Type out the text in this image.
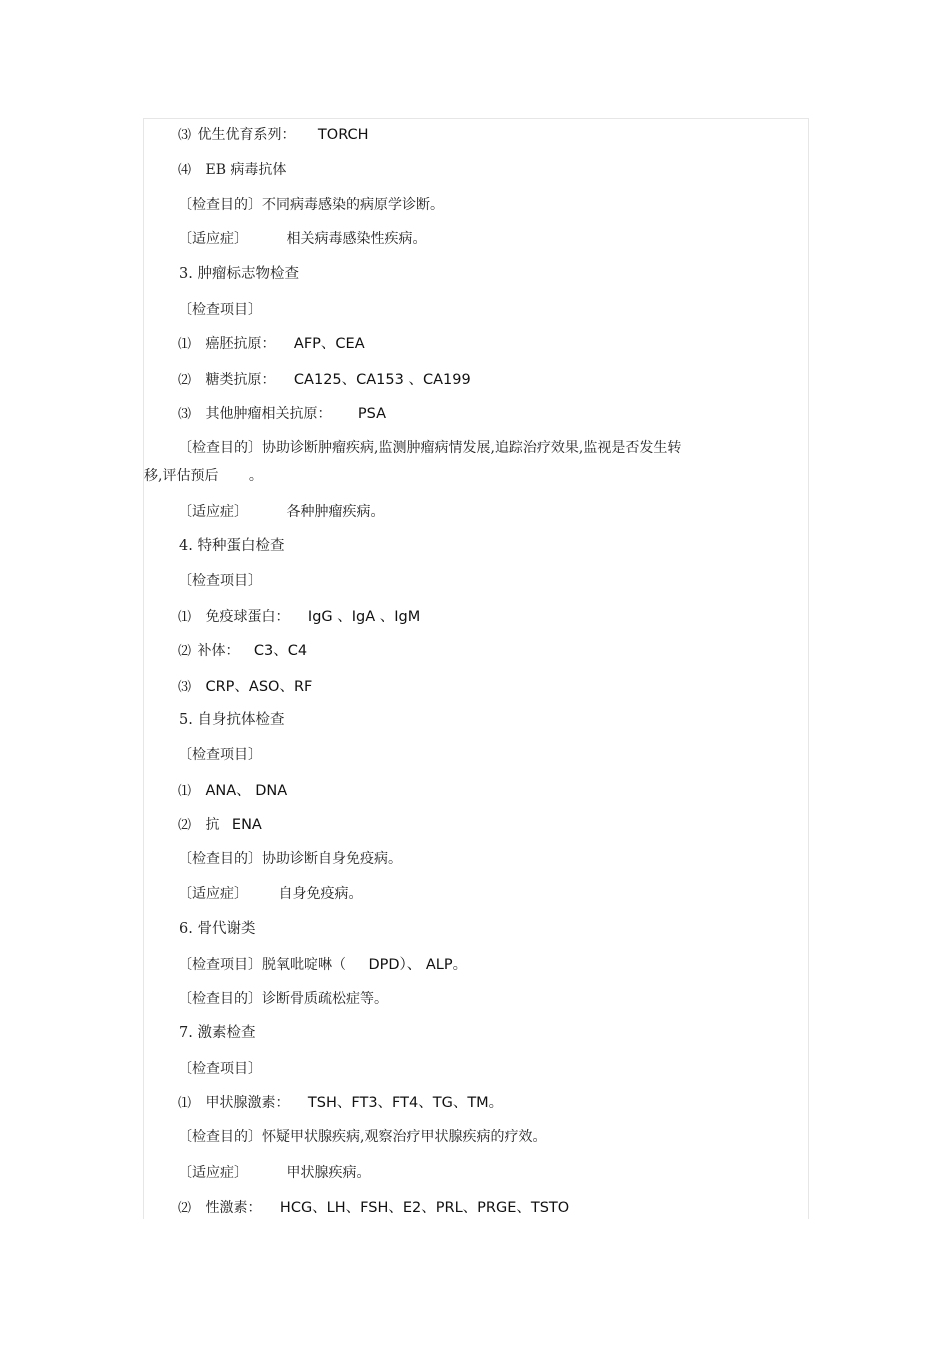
⑶ 优生优育系列： TORCH
⑷ EB 病毒抗体
〔检查目的〕不同病毒感染的病原学诊断。
〔适应症〕	相关病毒感染性疾病。
3. 肿瘤标志物检查
〔检查项目〕
⑴ 癌胚抗原： AFP、CEA
⑵ 糖类抗原： CA125、CA153 、CA199
⑶ 其他肿瘤相关抗原： PSA
〔检查目的〕协助诊断肿瘤疾病,监测肿瘤病情发展,追踪治疗效果,监视是否发生转
移,评估预后 。
〔适应症〕	各种肿瘤疾病。
4. 特种蛋白检查
〔检查项目〕
⑴ 免疫球蛋白： IgG 、IgA 、IgM
⑵ 补体： C3、C4
⑶ CRP、ASO、RF
5. 自身抗体检查
〔检查项目〕
⑴ ANA、 DNA
⑵ 抗 ENA
〔检查目的〕协助诊断自身免疫病。
〔适应症〕 自身免疫病。
6. 骨代谢类
〔检查项目〕脱氧吡啶啉（ DPD）、 ALP。
〔检查目的〕诊断骨质疏松症等。
7. 激素检查
〔检查项目〕
⑴ 甲状腺激素： TSH、FT3、FT4、TG、TM。
〔检查目的〕怀疑甲状腺疾病,观察治疗甲状腺疾病的疗效。
〔适应症〕	甲状腺疾病。
⑵ 性激素： HCG、LH、FSH、E2、PRL、PRGE、TSTO
